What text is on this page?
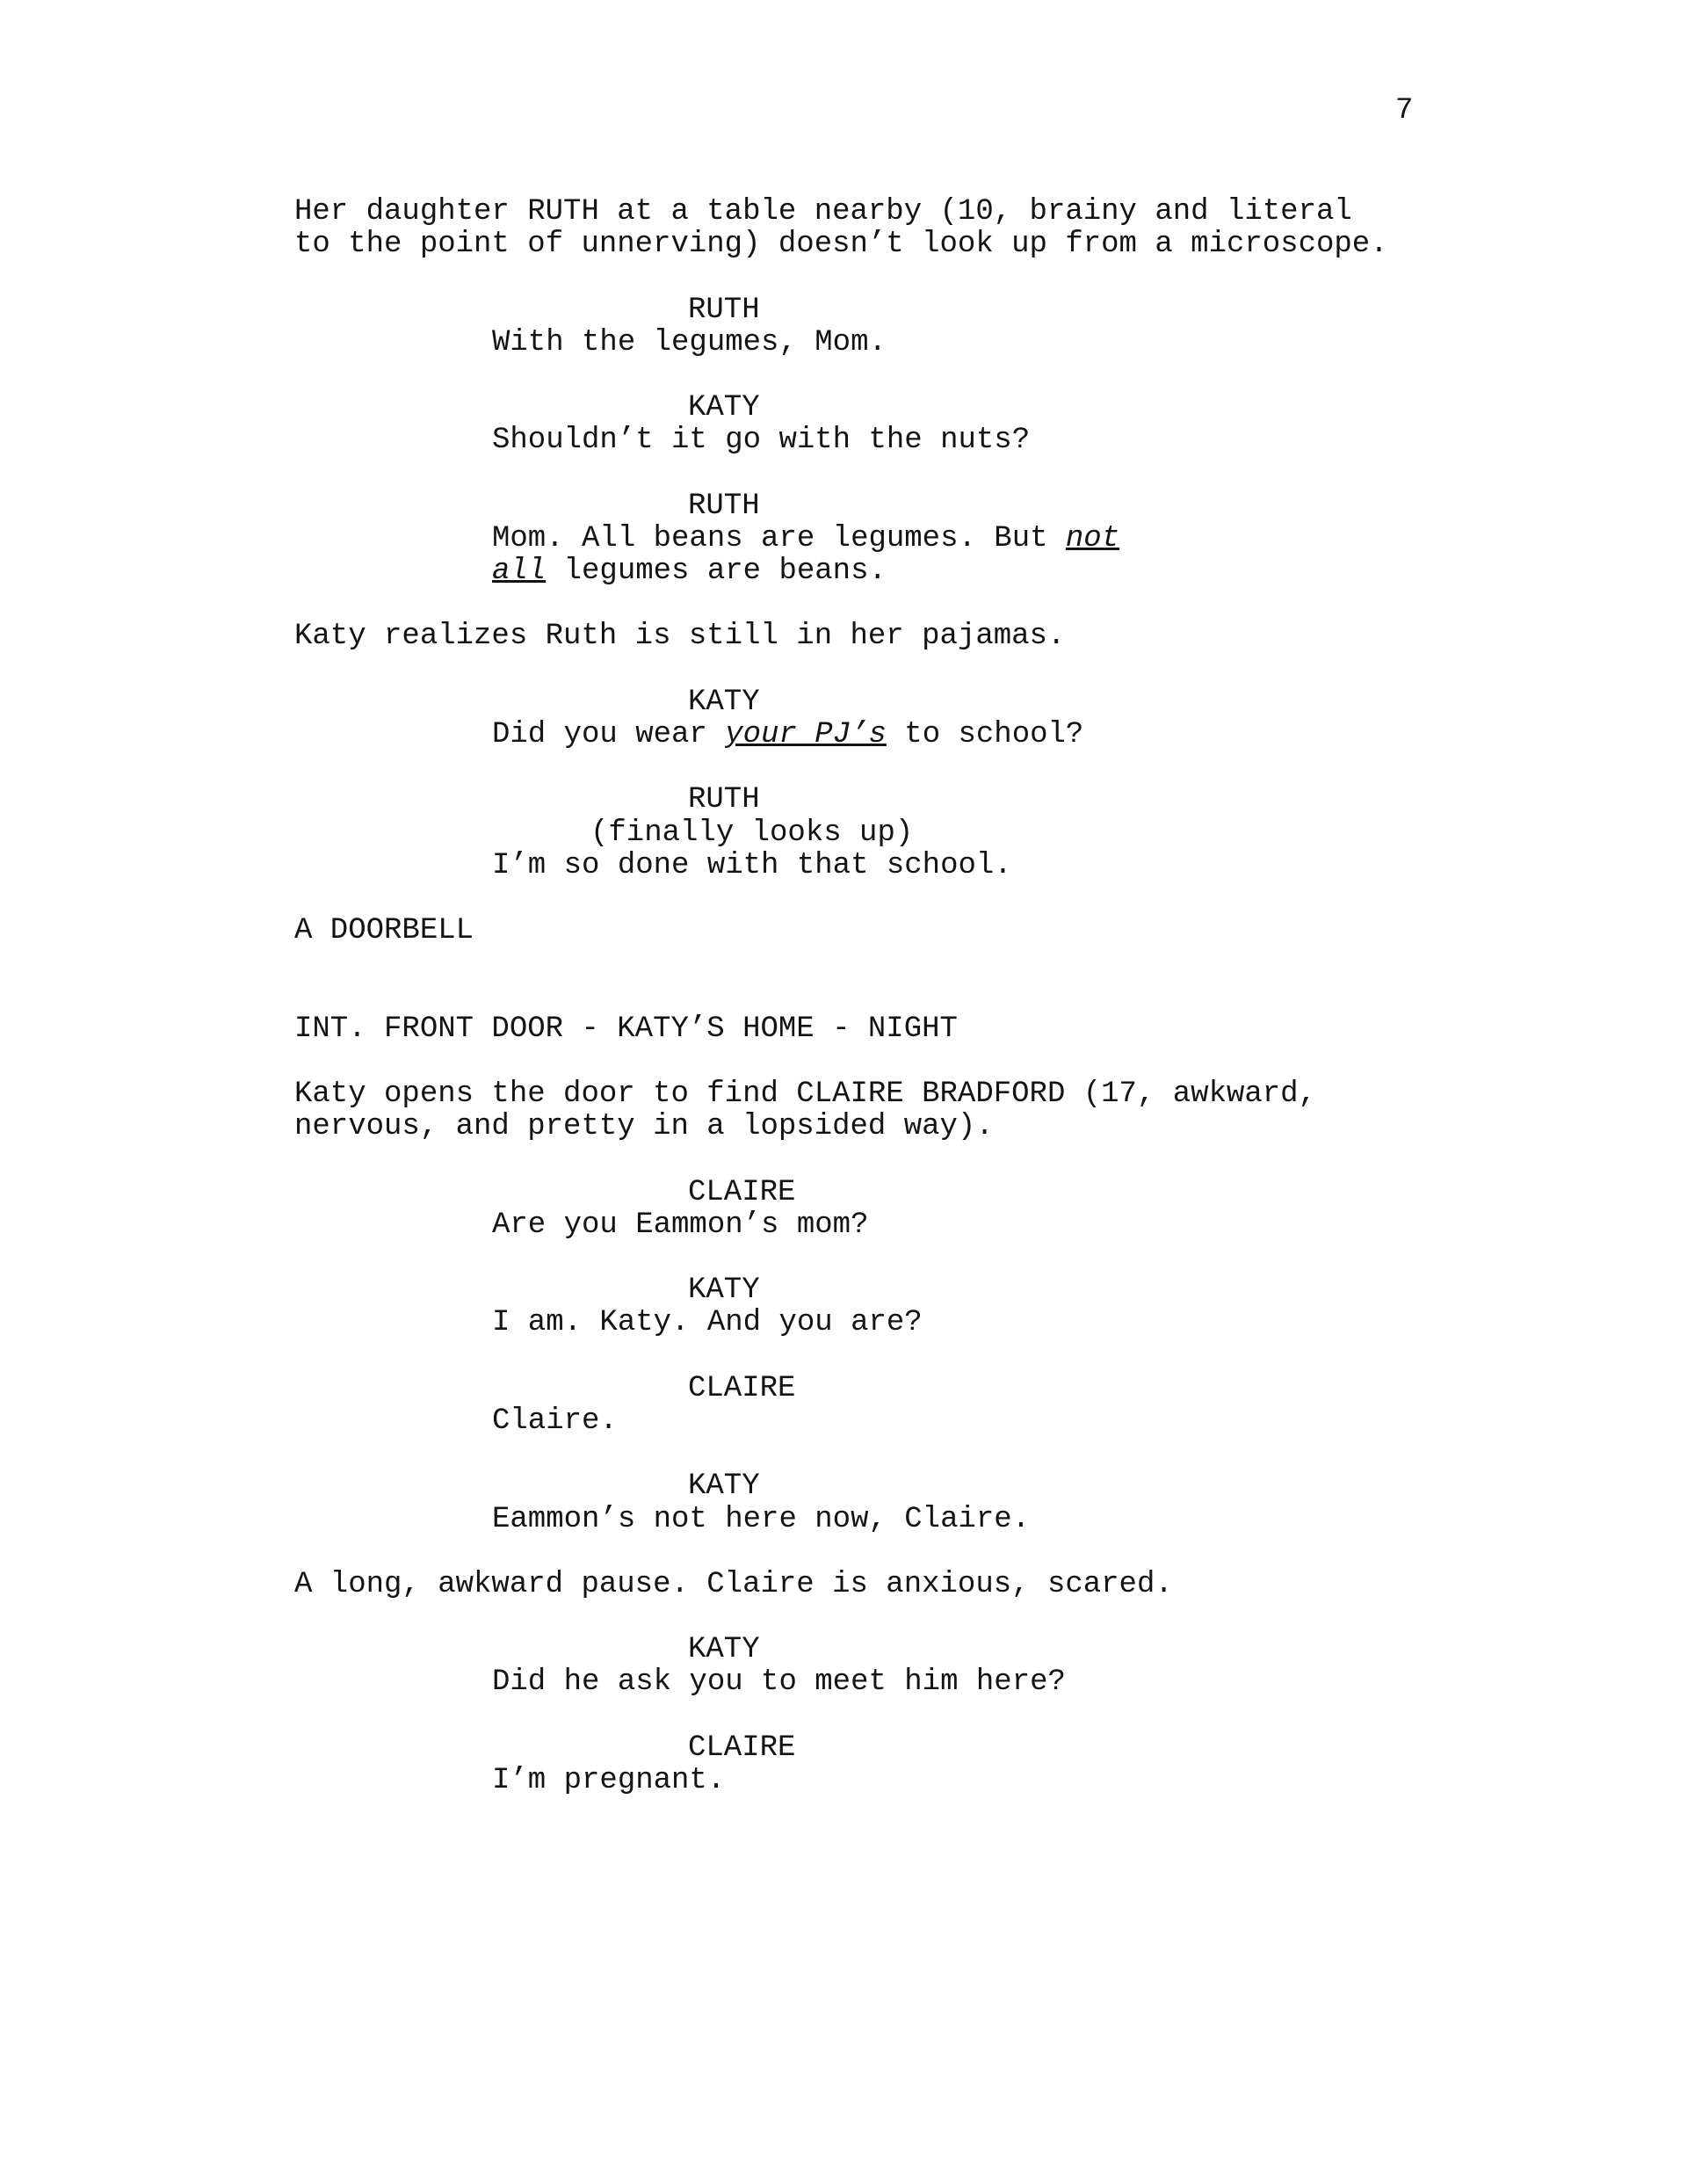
7
Her daughter RUTH at a table nearby (10, brainy and literal
to the point of unnerving) doesn’t look up from a microscope.
RUTH
With the legumes, Mom.
KATY
Shouldn’t it go with the nuts?
RUTH
Mom. All beans are legumes. But not
all legumes are beans.
Katy realizes Ruth is still in her pajamas.
KATY
Did you wear your PJ’s to school?
RUTH
(finally looks up)
I’m so done with that school.
A DOORBELL
INT. FRONT DOOR - KATY’S HOME - NIGHT
Katy opens the door to find CLAIRE BRADFORD (17, awkward,
nervous, and pretty in a lopsided way).
CLAIRE
Are you Eammon’s mom?
KATY
I am. Katy. And you are?
CLAIRE
Claire.
KATY
Eammon’s not here now, Claire.
A long, awkward pause. Claire is anxious, scared.
KATY
Did he ask you to meet him here?
CLAIRE
I’m pregnant.
